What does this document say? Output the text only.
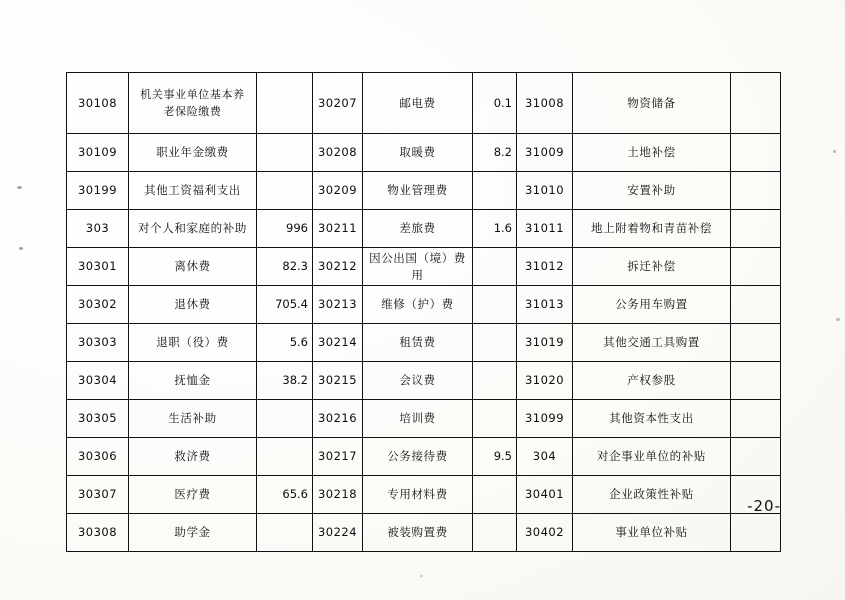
30108	机关事业单位基本养
老保险缴费		30207	邮电费	0.1	31008	物资储备	
30109	职业年金缴费		30208	取暖费	8.2	31009	土地补偿	
30199	其他工资福利支出		30209	物业管理费		31010	安置补助	
303	对个人和家庭的补助	996	30211	差旅费	1.6	31011	地上附着物和青苗补偿	
30301	离休费	82.3	30212	因公出国（境）费用		31012	拆迁补偿	
30302	退休费	705.4	30213	维修（护）费		31013	公务用车购置	
30303	退职（役）费	5.6	30214	租赁费		31019	其他交通工具购置	
30304	抚恤金	38.2	30215	会议费		31020	产权参股	
30305	生活补助		30216	培训费		31099	其他资本性支出	
30306	救济费		30217	公务接待费	9.5	304	对企事业单位的补贴	
30307	医疗费	65.6	30218	专用材料费		30401	企业政策性补贴	
30308	助学金		30224	被装购置费		30402	事业单位补贴	
-20-
